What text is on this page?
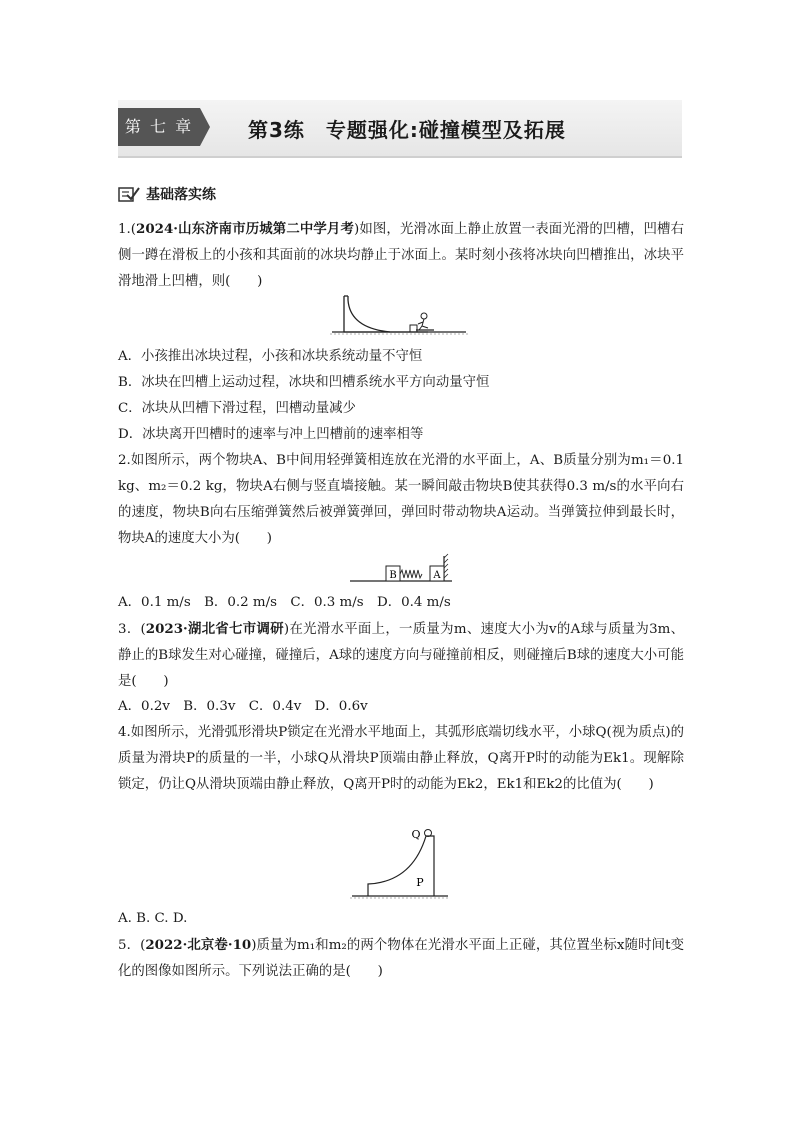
第 七 章	第3练　专题强化:碰撞模型及拓展
基础落实练

1.(2024·山东济南市历城第二中学月考)如图，光滑冰面上静止放置一表面光滑的凹槽，凹槽右侧一蹲在滑板上的小孩和其面前的冰块均静止于冰面上。某时刻小孩将冰块向凹槽推出，冰块平滑地滑上凹槽，则(　　)

A．小孩推出冰块过程，小孩和冰块系统动量不守恒

B．冰块在凹槽上运动过程，冰块和凹槽系统水平方向动量守恒

C．冰块从凹槽下滑过程，凹槽动量减少

D．冰块离开凹槽时的速率与冲上凹槽前的速率相等

2.如图所示，两个物块A、B中间用轻弹簧相连放在光滑的水平面上，A、B质量分别为m₁＝0.1 kg、m₂＝0.2 kg，物块A右侧与竖直墙接触。某一瞬间敲击物块B使其获得0.3 m/s的水平向右的速度，物块B向右压缩弹簧然后被弹簧弹回，弹回时带动物块A运动。当弹簧拉伸到最长时，物块A的速度大小为(　　)

B	A

A．0.1 m/s　B．0.2 m/s　C．0.3 m/s　D．0.4 m/s

3．(2023·湖北省七市调研)在光滑水平面上，一质量为m、速度大小为v的A球与质量为3m、静止的B球发生对心碰撞，碰撞后，A球的速度方向与碰撞前相反，则碰撞后B球的速度大小可能是(　　)

A．0.2v　B．0.3v　C．0.4v　D．0.6v

4.如图所示，光滑弧形滑块P锁定在光滑水平地面上，其弧形底端切线水平，小球Q(视为质点)的质量为滑块P的质量的一半，小球Q从滑块P顶端由静止释放，Q离开P时的动能为Ek1。现解除锁定，仍让Q从滑块顶端由静止释放，Q离开P时的动能为Ek2，Ek1和Ek2的比值为(　　)

Q
P

A. B. C. D.

5．(2022·北京卷·10)质量为m₁和m₂的两个物体在光滑水平面上正碰，其位置坐标x随时间t变化的图像如图所示。下列说法正确的是(　　)
